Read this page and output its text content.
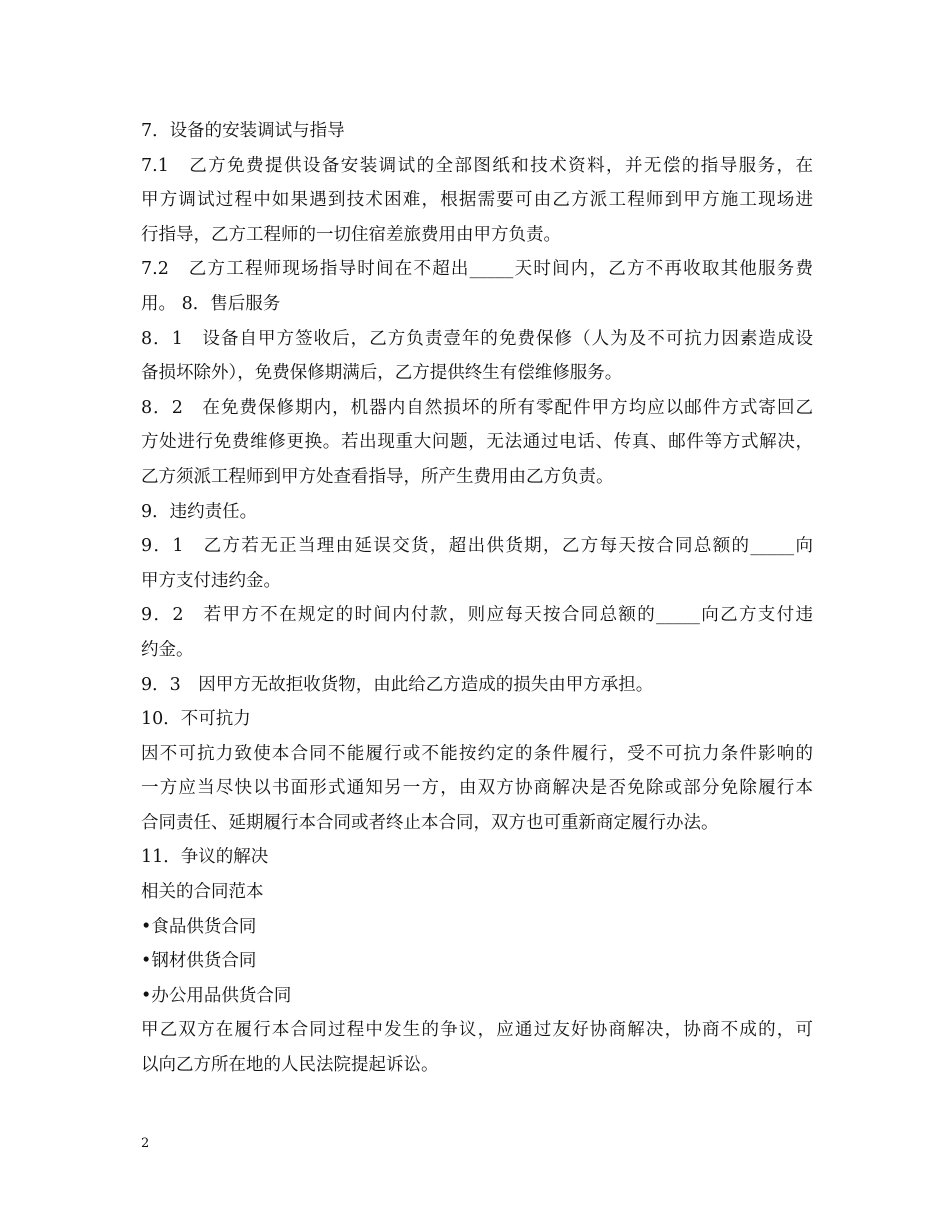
7．设备的安装调试与指导
7.1　乙方免费提供设备安装调试的全部图纸和技术资料，并无偿的指导服务，在
甲方调试过程中如果遇到技术困难，根据需要可由乙方派工程师到甲方施工现场进
行指导，乙方工程师的一切住宿差旅费用由甲方负责。
7.2　乙方工程师现场指导时间在不超出_____天时间内，乙方不再收取其他服务费
用。 8．售后服务
8．1　设备自甲方签收后，乙方负责壹年的免费保修（人为及不可抗力因素造成设
备损坏除外），免费保修期满后，乙方提供终生有偿维修服务。
8．2　在免费保修期内，机器内自然损坏的所有零配件甲方均应以邮件方式寄回乙
方处进行免费维修更换。若出现重大问题，无法通过电话、传真、邮件等方式解决，
乙方须派工程师到甲方处查看指导，所产生费用由乙方负责。
9．违约责任。
9．1　乙方若无正当理由延误交货，超出供货期，乙方每天按合同总额的_____向
甲方支付违约金。
9．2　若甲方不在规定的时间内付款，则应每天按合同总额的_____向乙方支付违
约金。
9．3　因甲方无故拒收货物，由此给乙方造成的损失由甲方承担。
10．不可抗力
因不可抗力致使本合同不能履行或不能按约定的条件履行，受不可抗力条件影响的
一方应当尽快以书面形式通知另一方，由双方协商解决是否免除或部分免除履行本
合同责任、延期履行本合同或者终止本合同，双方也可重新商定履行办法。
11．争议的解决
相关的合同范本
•食品供货合同
•钢材供货合同
•办公用品供货合同
甲乙双方在履行本合同过程中发生的争议，应通过友好协商解决，协商不成的，可
以向乙方所在地的人民法院提起诉讼。
2
